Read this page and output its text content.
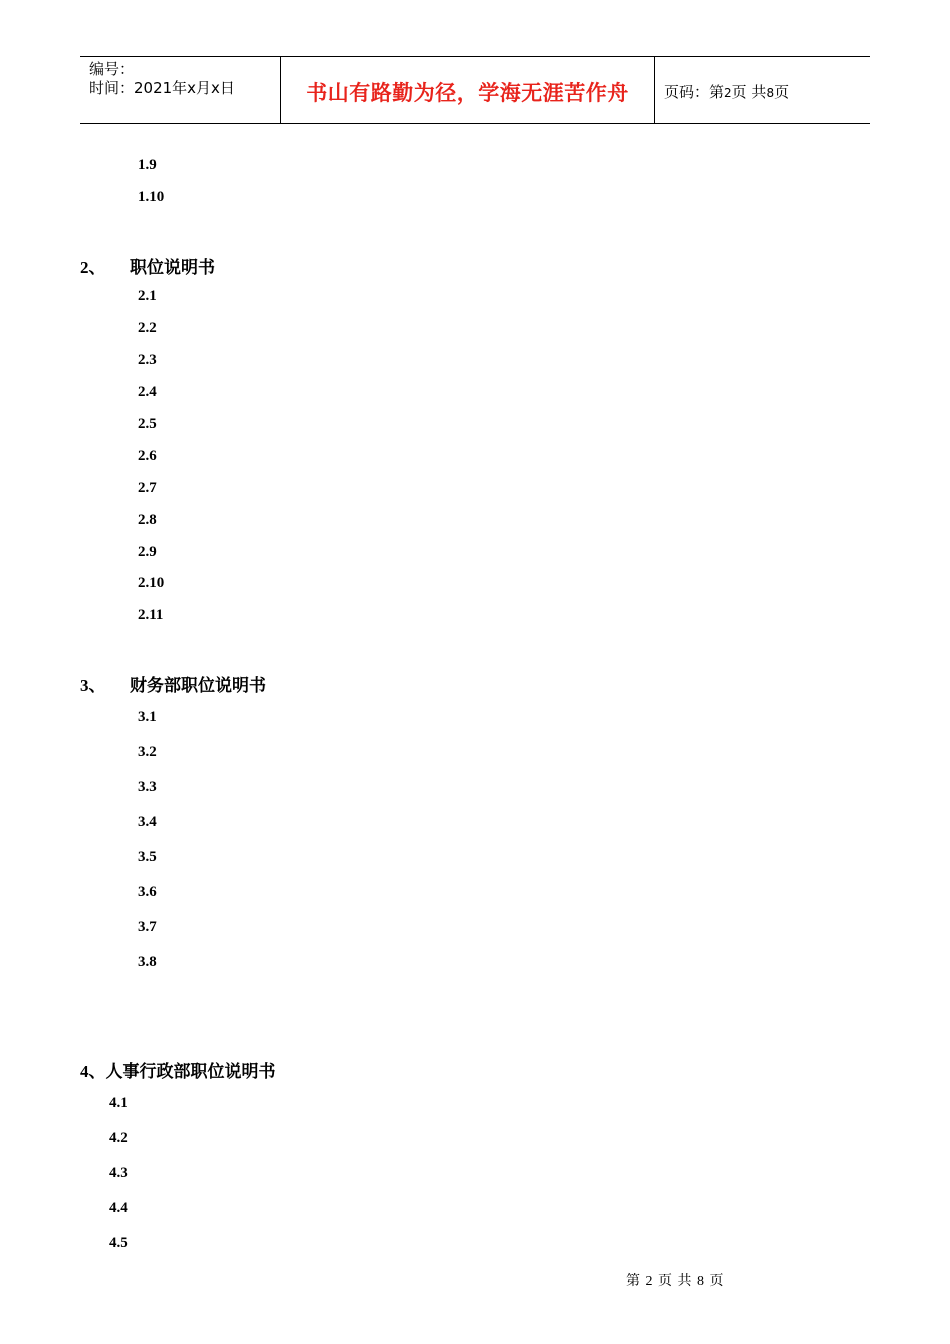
编号：
时间：2021年x月x日	书山有路勤为径，学海无涯苦作舟	页码：第2页 共8页
1.9
1.10
2、 职位说明书
2.1
2.2
2.3
2.4
2.5
2.6
2.7
2.8
2.9
2.10
2.11
3、 财务部职位说明书
3.1
3.2
3.3
3.4
3.5
3.6
3.7
3.8
4、人事行政部职位说明书
4.1
4.2
4.3
4.4
4.5
第 2 页 共 8 页
